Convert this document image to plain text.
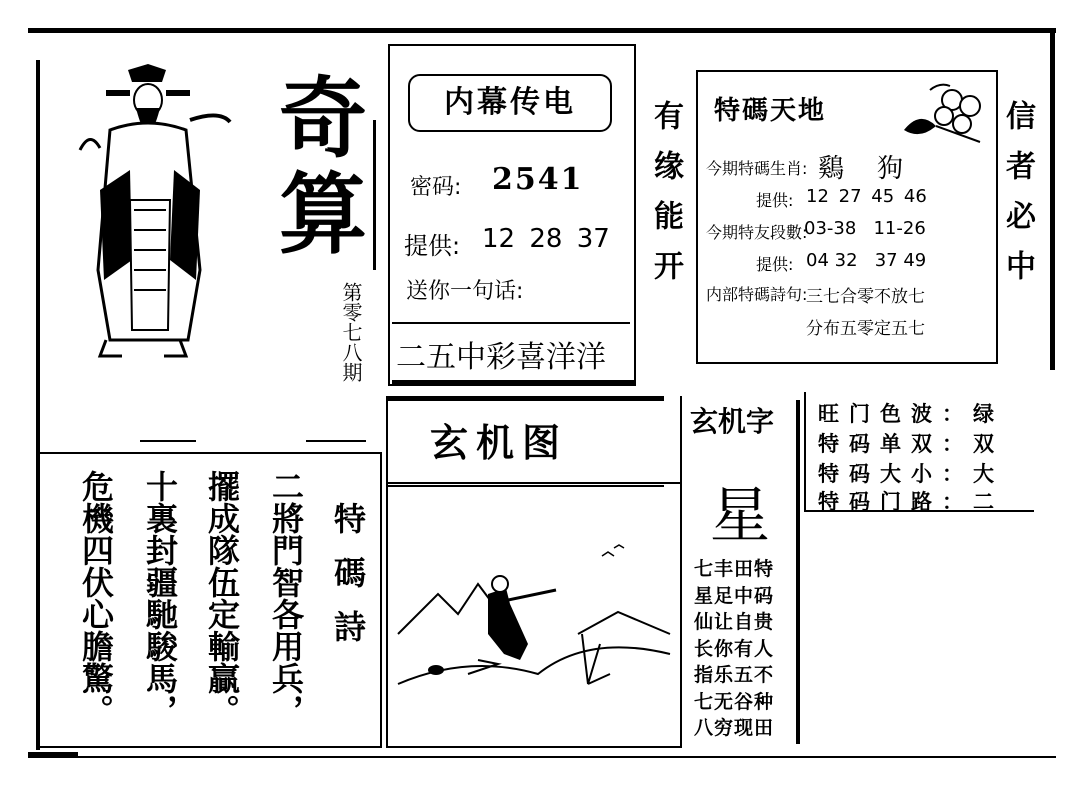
奇算
第零七八期
内幕传电
密码: 2541
提供: 12 28 37
送你一句话:
二五中彩喜洋洋
有缘能开	信者必中
特碼天地
今期特碼生肖: 鷄    狗
提供: 12 27 45 46
今期特友段數:
03-38   11-26
提供: 04 32   37 49
内部特碼詩句:
三七合零不放七
分布五零定五七
玄机图	玄机字
星
七丰田特
星足中码
仙让自贵
长你有人
指乐五不
七无谷种
八穷现田
旺门色波：绿
特码单双：双
特码大小：大
特码门路：二
特碼詩
二將門智各用兵，
擺成隊伍定輸贏。
十裏封疆馳駿馬，
危機四伏心膽驚。
